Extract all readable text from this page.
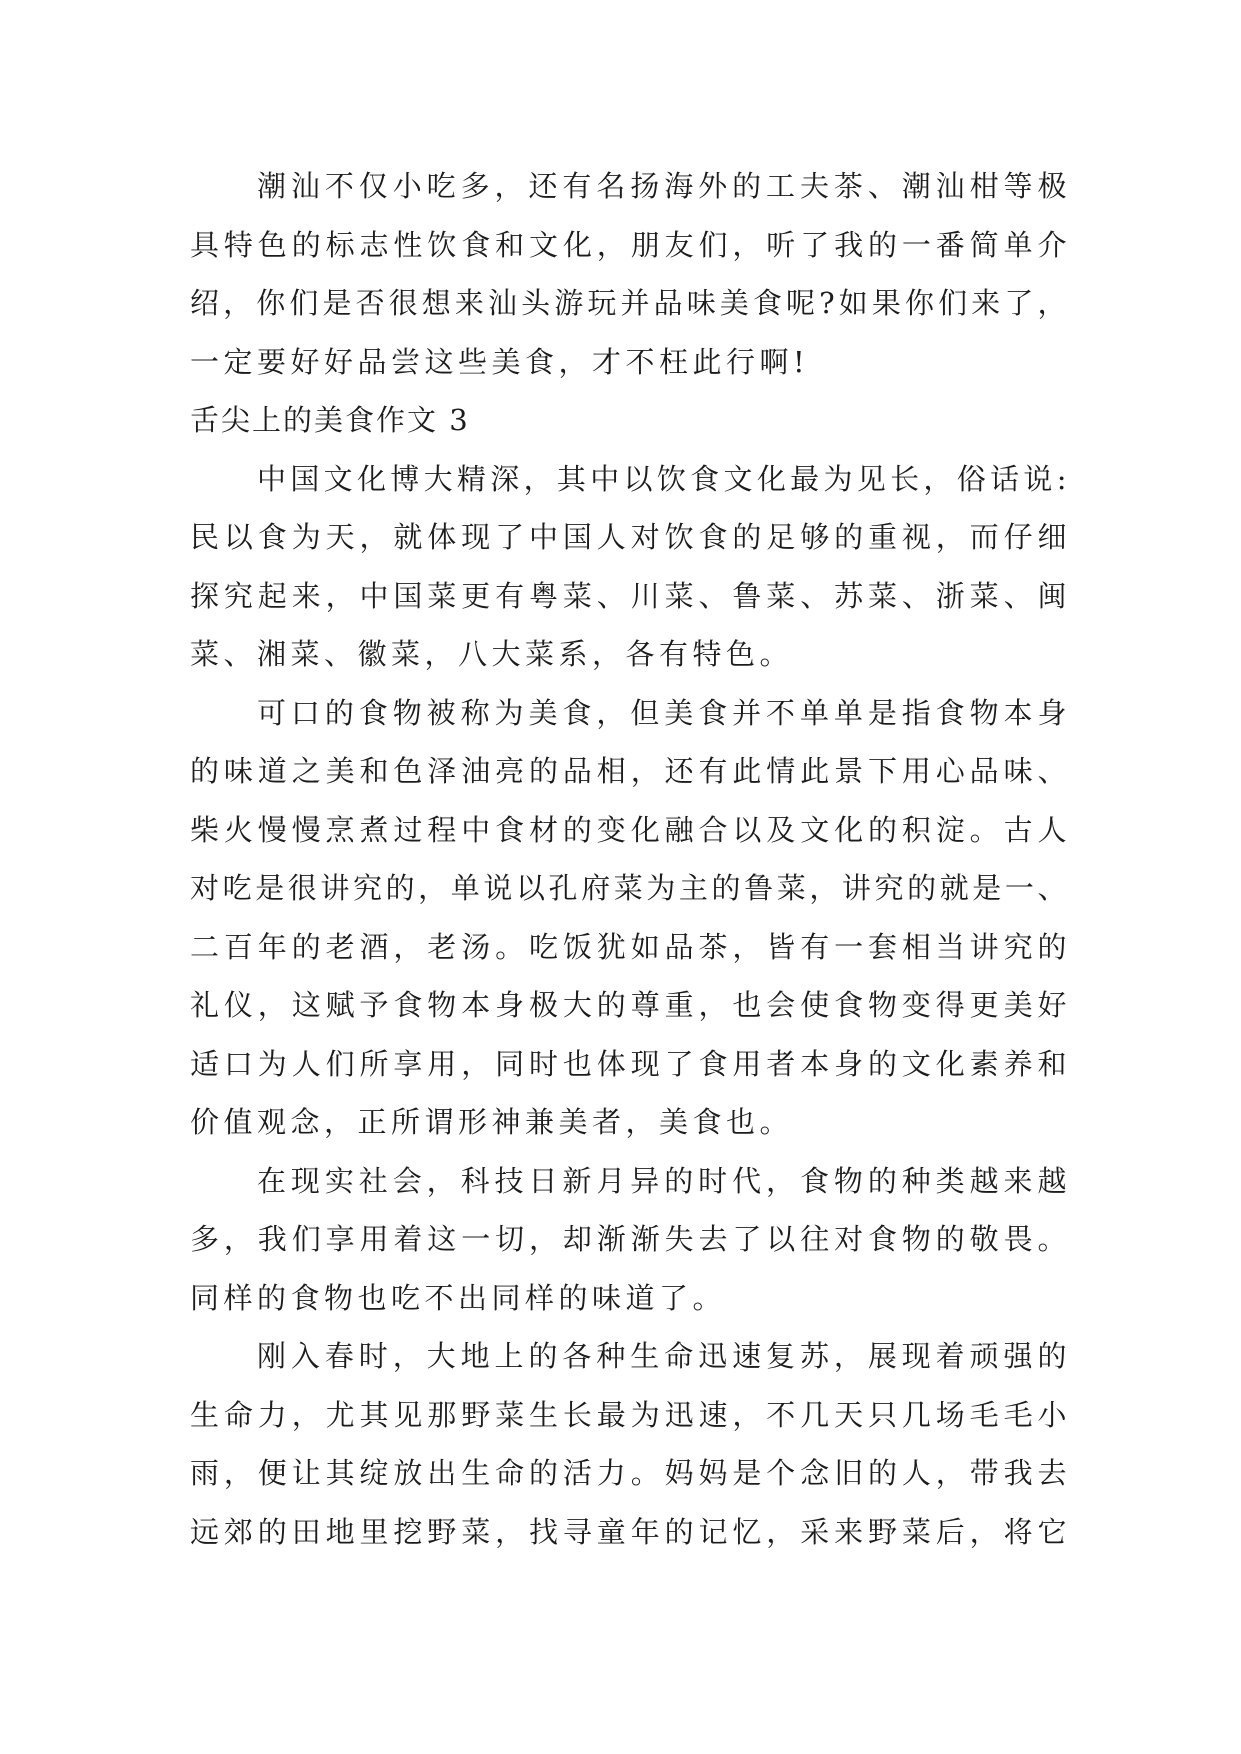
潮汕不仅小吃多，还有名扬海外的工夫茶、潮汕柑等极
具特色的标志性饮食和文化，朋友们，听了我的一番简单介
绍，你们是否很想来汕头游玩并品味美食呢?如果你们来了，
一定要好好品尝这些美食，才不枉此行啊!
舌尖上的美食作文 3
中国文化博大精深，其中以饮食文化最为见长，俗话说:
民以食为天，就体现了中国人对饮食的足够的重视，而仔细
探究起来，中国菜更有粤菜、川菜、鲁菜、苏菜、浙菜、闽
菜、湘菜、徽菜，八大菜系，各有特色。
可口的食物被称为美食，但美食并不单单是指食物本身
的味道之美和色泽油亮的品相，还有此情此景下用心品味、
柴火慢慢烹煮过程中食材的变化融合以及文化的积淀。古人
对吃是很讲究的，单说以孔府菜为主的鲁菜，讲究的就是一、
二百年的老酒，老汤。吃饭犹如品茶，皆有一套相当讲究的
礼仪，这赋予食物本身极大的尊重，也会使食物变得更美好
适口为人们所享用，同时也体现了食用者本身的文化素养和
价值观念，正所谓形神兼美者，美食也。
在现实社会，科技日新月异的时代，食物的种类越来越
多，我们享用着这一切，却渐渐失去了以往对食物的敬畏。
同样的食物也吃不出同样的味道了。
刚入春时，大地上的各种生命迅速复苏，展现着顽强的
生命力，尤其见那野菜生长最为迅速，不几天只几场毛毛小
雨，便让其绽放出生命的活力。妈妈是个念旧的人，带我去
远郊的田地里挖野菜，找寻童年的记忆，采来野菜后，将它
